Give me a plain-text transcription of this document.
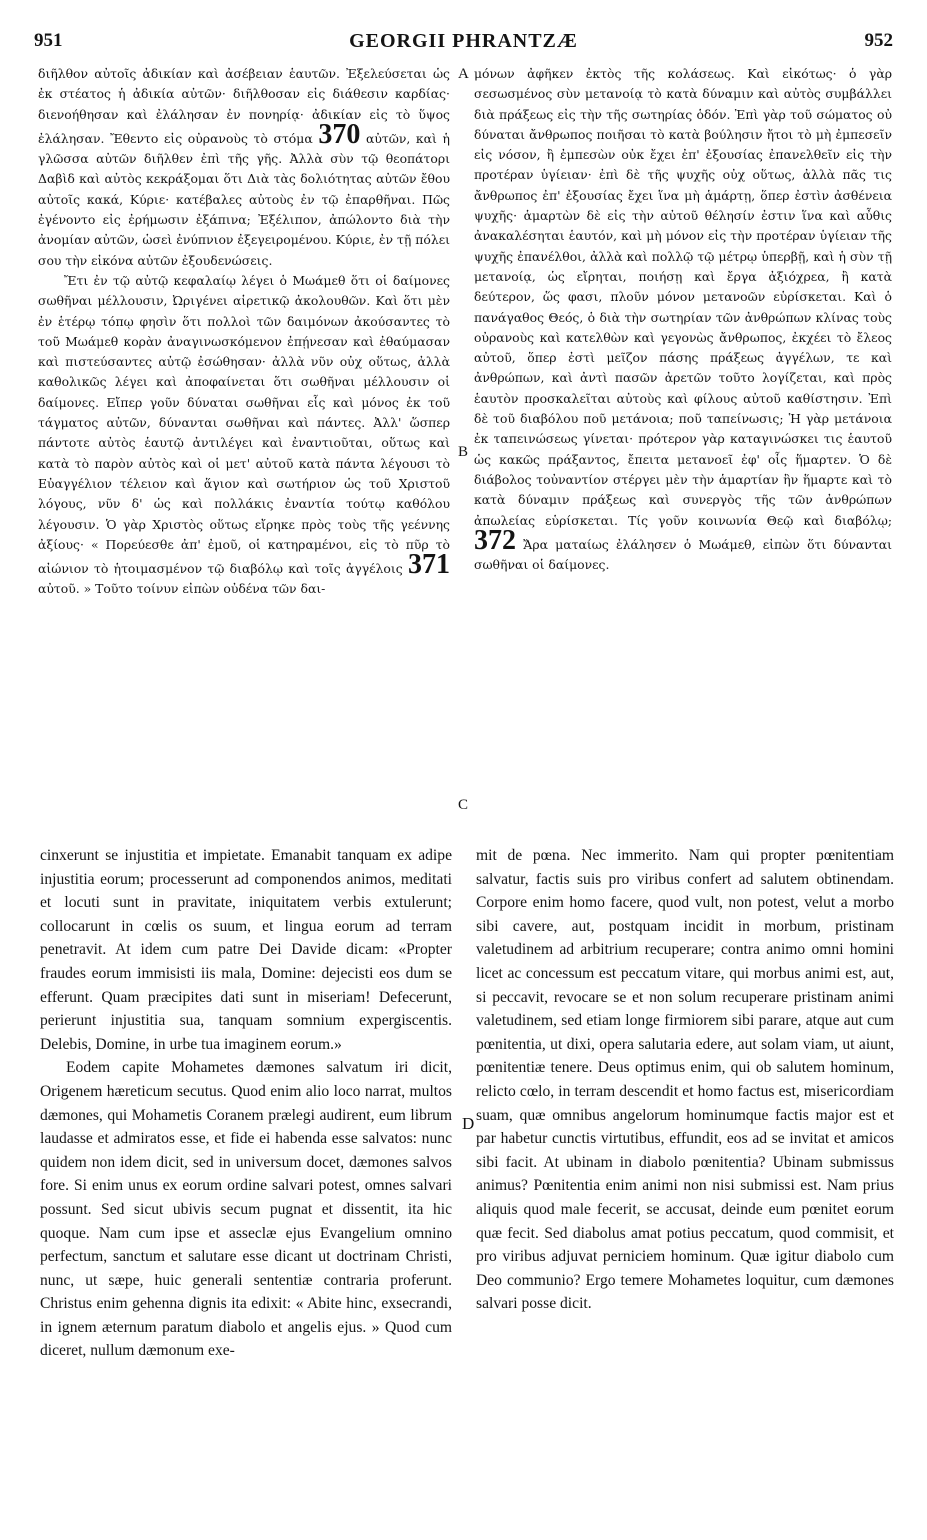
951	GEORGII PHRANTZÆ	952

διῆλθον αὐτοῖς ἀδικίαν καὶ ἀσέβειαν ἑαυτῶν. Ἐξελεύσεται ὡς ἐκ στέατος ἡ ἀδικία αὐτῶν· διῆλθοσαν εἰς διάθεσιν καρδίας· διενοήθησαν καὶ ἐλάλησαν ἐν πονηρίᾳ· ἀδικίαν εἰς τὸ ὕψος ἐλάλησαν. Ἔθεντο εἰς οὐρανοὺς τὸ στόμα 370 αὐτῶν, καὶ ἡ γλῶσσα αὐτῶν διῆλθεν ἐπὶ τῆς γῆς. Ἀλλὰ σὺν τῷ θεοπάτορι Δαβὶδ καὶ αὐτὸς κεκράξομαι ὅτι Διὰ τὰς δολιότητας αὐτῶν ἔθου αὐτοῖς κακά, Κύριε· κατέβαλες αὐτοὺς ἐν τῷ ἐπαρθῆναι. Πῶς ἐγένοντο εἰς ἐρήμωσιν ἐξάπινα; Ἐξέλιπον, ἀπώλοντο διὰ τὴν ἀνομίαν αὐτῶν, ὡσεὶ ἐνύπνιον ἐξεγειρομένου. Κύριε, ἐν τῇ πόλει σου τὴν εἰκόνα αὐτῶν ἐξουδενώσεις.

Ἔτι ἐν τῷ αὐτῷ κεφαλαίῳ λέγει ὁ Μωάμεθ ὅτι οἱ δαίμονες σωθῆναι μέλλουσιν, Ὠριγένει αἱρετικῷ ἀκολουθῶν. Καὶ ὅτι μὲν ἐν ἑτέρῳ τόπῳ φησὶν ὅτι πολλοὶ τῶν δαιμόνων ἀκούσαντες τὸ τοῦ Μωάμεθ κορὰν ἀναγινωσκόμενον ἐπῄνεσαν καὶ ἐθαύμασαν καὶ πιστεύσαντες αὐτῷ ἐσώθησαν· ἀλλὰ νῦν οὐχ οὕτως, ἀλλὰ καθολικῶς λέγει καὶ ἀποφαίνεται ὅτι σωθῆναι μέλλουσιν οἱ δαίμονες. Εἴπερ γοῦν δύναται σωθῆναι εἷς καὶ μόνος ἐκ τοῦ τάγματος αὐτῶν, δύνανται σωθῆναι καὶ πάντες. Ἀλλ' ὥσπερ πάντοτε αὐτὸς ἑαυτῷ ἀντιλέγει καὶ ἐναντιοῦται, οὕτως καὶ κατὰ τὸ παρὸν αὐτὸς καὶ οἱ μετ' αὐτοῦ κατὰ πάντα λέγουσι τὸ Εὐαγγέλιον τέλειον καὶ ἅγιον καὶ σωτήριον ὡς τοῦ Χριστοῦ λόγους, νῦν δ' ὡς καὶ πολλάκις ἐναντία τούτῳ καθόλου λέγουσιν. Ὁ γὰρ Χριστὸς οὕτως εἴρηκε πρὸς τοὺς τῆς γεέννης ἀξίους· « Πορεύεσθε ἀπ' ἐμοῦ, οἱ κατηραμένοι, εἰς τὸ πῦρ τὸ αἰώνιον τὸ ἡτοιμασμένον τῷ διαβόλῳ καὶ τοῖς ἀγγέλοις 371 αὐτοῦ. » Τοῦτο τοίνυν εἰπὼν οὐδένα τῶν δαι-

μόνων ἀφῆκεν ἐκτὸς τῆς κολάσεως. Καὶ εἰκότως· ὁ γὰρ σεσωσμένος σὺν μετανοίᾳ τὸ κατὰ δύναμιν καὶ αὐτὸς συμβάλλει διὰ πράξεως εἰς τὴν τῆς σωτηρίας ὁδόν. Ἐπὶ γὰρ τοῦ σώματος οὐ δύναται ἄνθρωπος ποιῆσαι τὸ κατὰ βούλησιν ἤτοι τὸ μὴ ἐμπεσεῖν εἰς νόσον, ἢ ἐμπεσὼν οὐκ ἔχει ἐπ' ἐξουσίας ἐπανελθεῖν εἰς τὴν προτέραν ὑγίειαν· ἐπὶ δὲ τῆς ψυχῆς οὐχ οὕτως, ἀλλὰ πᾶς τις ἄνθρωπος ἐπ' ἐξουσίας ἔχει ἵνα μὴ ἁμάρτῃ, ὅπερ ἐστὶν ἀσθένεια ψυχῆς· ἁμαρτὼν δὲ εἰς τὴν αὐτοῦ θέλησίν ἐστιν ἵνα καὶ αὖθις ἀνακαλέσηται ἑαυτόν, καὶ μὴ μόνον εἰς τὴν προτέραν ὑγίειαν τῆς ψυχῆς ἐπανέλθοι, ἀλλὰ καὶ πολλῷ τῷ μέτρῳ ὑπερβῇ, καὶ ἡ σὺν τῇ μετανοίᾳ, ὡς εἴρηται, ποιήσῃ καὶ ἔργα ἀξιόχρεα, ἢ κατὰ δεύτερον, ὥς φασι, πλοῦν μόνον μετανοῶν εὑρίσκεται. Καὶ ὁ πανάγαθος Θεός, ὁ διὰ τὴν σωτηρίαν τῶν ἀνθρώπων κλίνας τοὺς οὐρανοὺς καὶ κατελθὼν καὶ γεγονὼς ἄνθρωπος, ἐκχέει τὸ ἔλεος αὐτοῦ, ὅπερ ἐστὶ μεῖζον πάσης πράξεως ἀγγέλων, τε καὶ ἀνθρώπων, καὶ ἀντὶ πασῶν ἀρετῶν τοῦτο λογίζεται, καὶ πρὸς ἑαυτὸν προσκαλεῖται αὐτοὺς καὶ φίλους αὐτοῦ καθίστησιν. Ἐπὶ δὲ τοῦ διαβόλου ποῦ μετάνοια; ποῦ ταπείνωσις; Ἡ γὰρ μετάνοια ἐκ ταπεινώσεως γίνεται· πρότερον γὰρ καταγινώσκει τις ἑαυτοῦ ὡς κακῶς πράξαντος, ἔπειτα μετανοεῖ ἐφ' οἷς ἥμαρτεν. Ὁ δὲ διάβολος τοὐναντίον στέργει μὲν τὴν ἁμαρτίαν ἣν ἥμαρτε καὶ τὸ κατὰ δύναμιν πράξεως καὶ συνεργὸς τῆς τῶν ἀνθρώπων ἀπωλείας εὑρίσκεται. Τίς γοῦν κοινωνία Θεῷ καὶ διαβόλῳ; 372 Ἄρα ματαίως ἐλάλησεν ὁ Μωάμεθ, εἰπὼν ὅτι δύνανται σωθῆναι οἱ δαίμονες.

A
B
C
D

cinxerunt se injustitia et impietate. Emanabit tanquam ex adipe injustitia eorum; processerunt ad componendos animos, meditati et locuti sunt in pravitate, iniquitatem verbis extulerunt; collocarunt in cœlis os suum, et lingua eorum ad terram penetravit. At idem cum patre Dei Davide dicam: «Propter fraudes eorum immisisti iis mala, Domine: dejecisti eos dum se efferunt. Quam præcipites dati sunt in miseriam! Defecerunt, perierunt injustitia sua, tanquam somnium expergiscentis. Delebis, Domine, in urbe tua imaginem eorum.»

Eodem capite Mohametes dæmones salvatum iri dicit, Origenem hæreticum secutus. Quod enim alio loco narrat, multos dæmones, qui Mohametis Coranem prælegi audirent, eum librum laudasse et admiratos esse, et fide ei habenda esse salvatos: nunc quidem non idem dicit, sed in universum docet, dæmones salvos fore. Si enim unus ex eorum ordine salvari potest, omnes salvari possunt. Sed sicut ubivis secum pugnat et dissentit, ita hic quoque. Nam cum ipse et asseclæ ejus Evangelium omnino perfectum, sanctum et salutare esse dicant ut doctrinam Christi, nunc, ut sæpe, huic generali sententiæ contraria proferunt. Christus enim gehenna dignis ita edixit: « Abite hinc, exsecrandi, in ignem æternum paratum diabolo et angelis ejus. » Quod cum diceret, nullum dæmonum exe-

mit de pœna. Nec immerito. Nam qui propter pœnitentiam salvatur, factis suis pro viribus confert ad salutem obtinendam. Corpore enim homo facere, quod vult, non potest, velut a morbo sibi cavere, aut, postquam incidit in morbum, pristinam valetudinem ad arbitrium recuperare; contra animo omni homini licet ac concessum est peccatum vitare, qui morbus animi est, aut, si peccavit, revocare se et non solum recuperare pristinam animi valetudinem, sed etiam longe firmiorem sibi parare, atque aut cum pœnitentia, ut dixi, opera salutaria edere, aut solam viam, ut aiunt, pœnitentiæ tenere. Deus optimus enim, qui ob salutem hominum, relicto cœlo, in terram descendit et homo factus est, misericordiam suam, quæ omnibus angelorum hominumque factis major est et par habetur cunctis virtutibus, effundit, eos ad se invitat et amicos sibi facit. At ubinam in diabolo pœnitentia? Ubinam submissus animus? Pœnitentia enim animi non nisi submissi est. Nam prius aliquis quod male fecerit, se accusat, deinde eum pœnitet eorum quæ fecit. Sed diabolus amat potius peccatum, quod commisit, et pro viribus adjuvat perniciem hominum. Quæ igitur diabolo cum Deo communio? Ergo temere Mohametes loquitur, cum dæmones salvari posse dicit.
